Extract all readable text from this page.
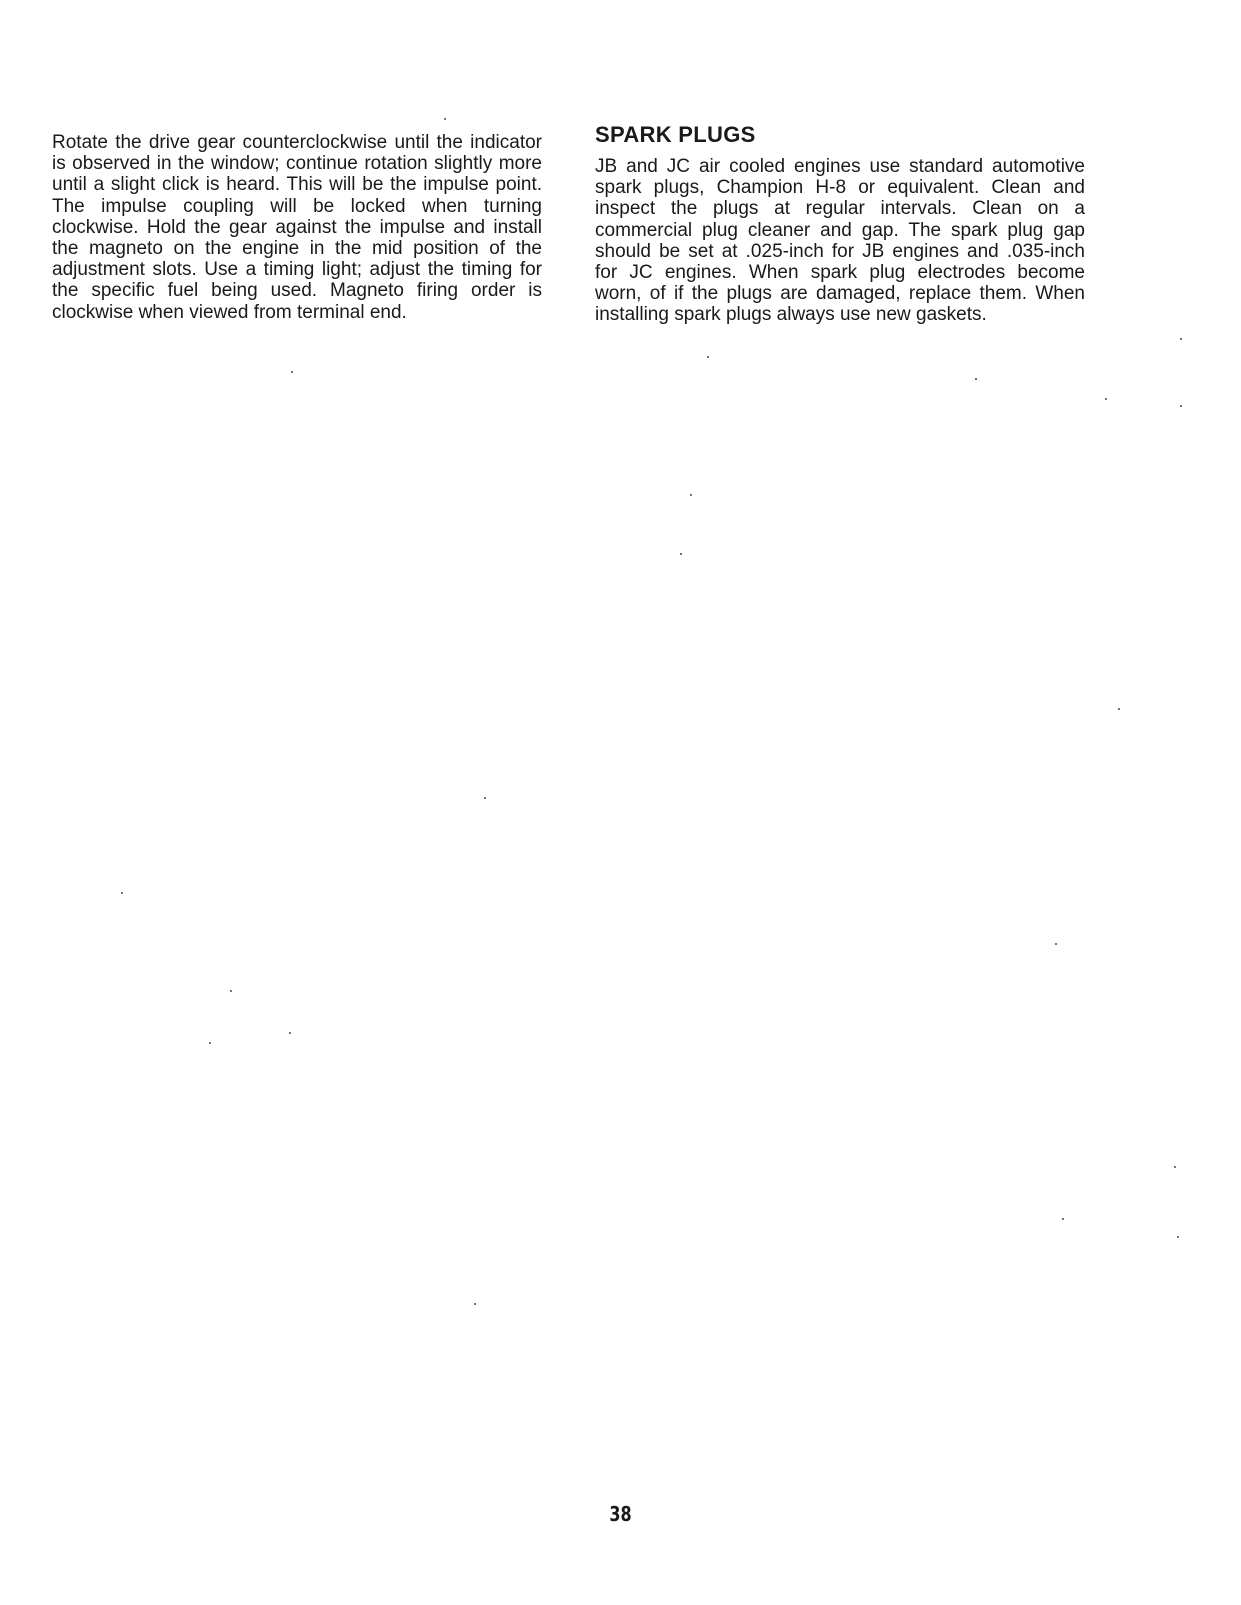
Rotate the drive gear counterclockwise until the indicator is observed in the window; continue rotation slightly more until a slight click is heard. This will be the impulse point. The impulse coupling will be locked when turning clockwise. Hold the gear against the impulse and install the magneto on the engine in the mid position of the adjustment slots. Use a timing light; adjust the timing for the specific fuel being used. Magneto firing order is clockwise when viewed from terminal end.

SPARK PLUGS

JB and JC air cooled engines use standard automotive spark plugs, Champion H-8 or equivalent. Clean and inspect the plugs at regular intervals. Clean on a commercial plug cleaner and gap. The spark plug gap should be set at .025-inch for JB engines and .035-inch for JC engines. When spark plug electrodes become worn, of if the plugs are damaged, replace them. When installing spark plugs always use new gaskets.

38
